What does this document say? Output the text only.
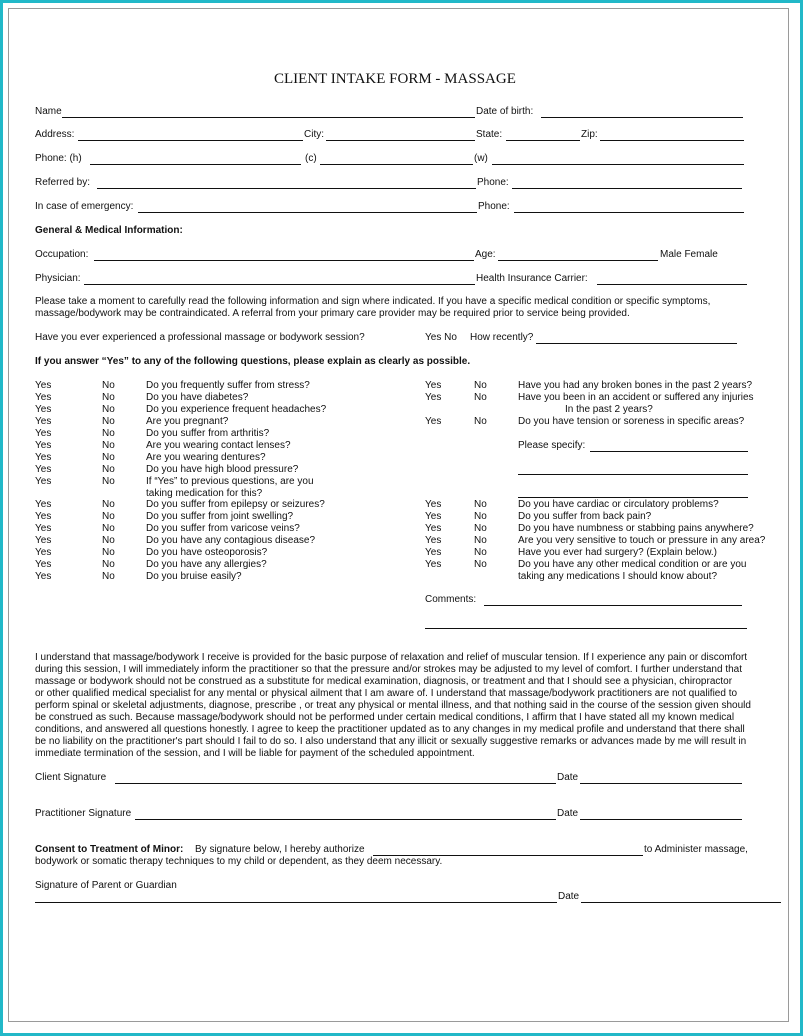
CLIENT INTAKE FORM - MASSAGE
Name	Date of birth:
Address:	City:	State:	Zip:
Phone: (h)	(c)	(w)
Referred by:	Phone:
In case of emergency:	Phone:
General & Medical Information:
Occupation:	Age:	Male Female
Physician:	Health Insurance Carrier:
Please take a moment to carefully read the following information and sign where indicated. If you have a specific medical condition or specific symptoms,
massage/bodywork may be contraindicated. A referral from your primary care provider may be required prior to service being provided.
Have you ever experienced a professional massage or bodywork session?	Yes No How recently?
If you answer “Yes” to any of the following questions, please explain as clearly as possible.
Yes	No	Do you frequently suffer from stress?
Yes	No	Do you have diabetes?
Yes	No	Do you experience frequent headaches?
Yes	No	Are you pregnant?
Yes	No	Do you suffer from arthritis?
Yes	No	Are you wearing contact lenses?
Yes	No	Are you wearing dentures?
Yes	No	Do you have high blood pressure?
Yes	No	If “Yes” to previous questions, are you
taking medication for this?
Yes	No	Do you suffer from epilepsy or seizures?
Yes	No	Do you suffer from joint swelling?
Yes	No	Do you suffer from varicose veins?
Yes	No	Do you have any contagious disease?
Yes	No	Do you have osteoporosis?
Yes	No	Do you have any allergies?
Yes	No	Do you bruise easily?
Yes	No	Have you had any broken bones in the past 2 years?
Yes	No	Have you been in an accident or suffered any injuries
In the past 2 years?
Yes	No	Do you have tension or soreness in specific areas?
Please specify:
Yes	No	Do you have cardiac or circulatory problems?
Yes	No	Do you suffer from back pain?
Yes	No	Do you have numbness or stabbing pains anywhere?
Yes	No	Are you very sensitive to touch or pressure in any area?
Yes	No	Have you ever had surgery? (Explain below.)
Yes	No	Do you have any other medical condition or are you
taking any medications I should know about?
Comments:
I understand that massage/bodywork I receive is provided for the basic purpose of relaxation and relief of muscular tension. If I experience any pain or discomfort
during this session, I will immediately inform the practitioner so that the pressure and/or strokes may be adjusted to my level of comfort. I further understand that
massage or bodywork should not be construed as a substitute for medical examination, diagnosis, or treatment and that I should see a physician, chiropractor
or other qualified medical specialist for any mental or physical ailment that I am aware of. I understand that massage/bodywork practitioners are not qualified to
perform spinal or skeletal adjustments, diagnose, prescribe , or treat any physical or mental illness, and that nothing said in the course of the session given should
be construed as such. Because massage/bodywork should not be performed under certain medical conditions, I affirm that I have stated all my known medical
conditions, and answered all questions honestly. I agree to keep the practitioner updated as to any changes in my medical profile and understand that there shall
be no liability on the practitioner's part should I fail to do so. I also understand that any illicit or sexually suggestive remarks or advances made by me will result in
immediate termination of the session, and I will be liable for payment of the scheduled appointment.
Client Signature	Date
Practitioner Signature	Date
Consent to Treatment of Minor: By signature below, I hereby authorize	to Administer massage,
bodywork or somatic therapy techniques to my child or dependent, as they deem necessary.
Signature of Parent or Guardian
Date
